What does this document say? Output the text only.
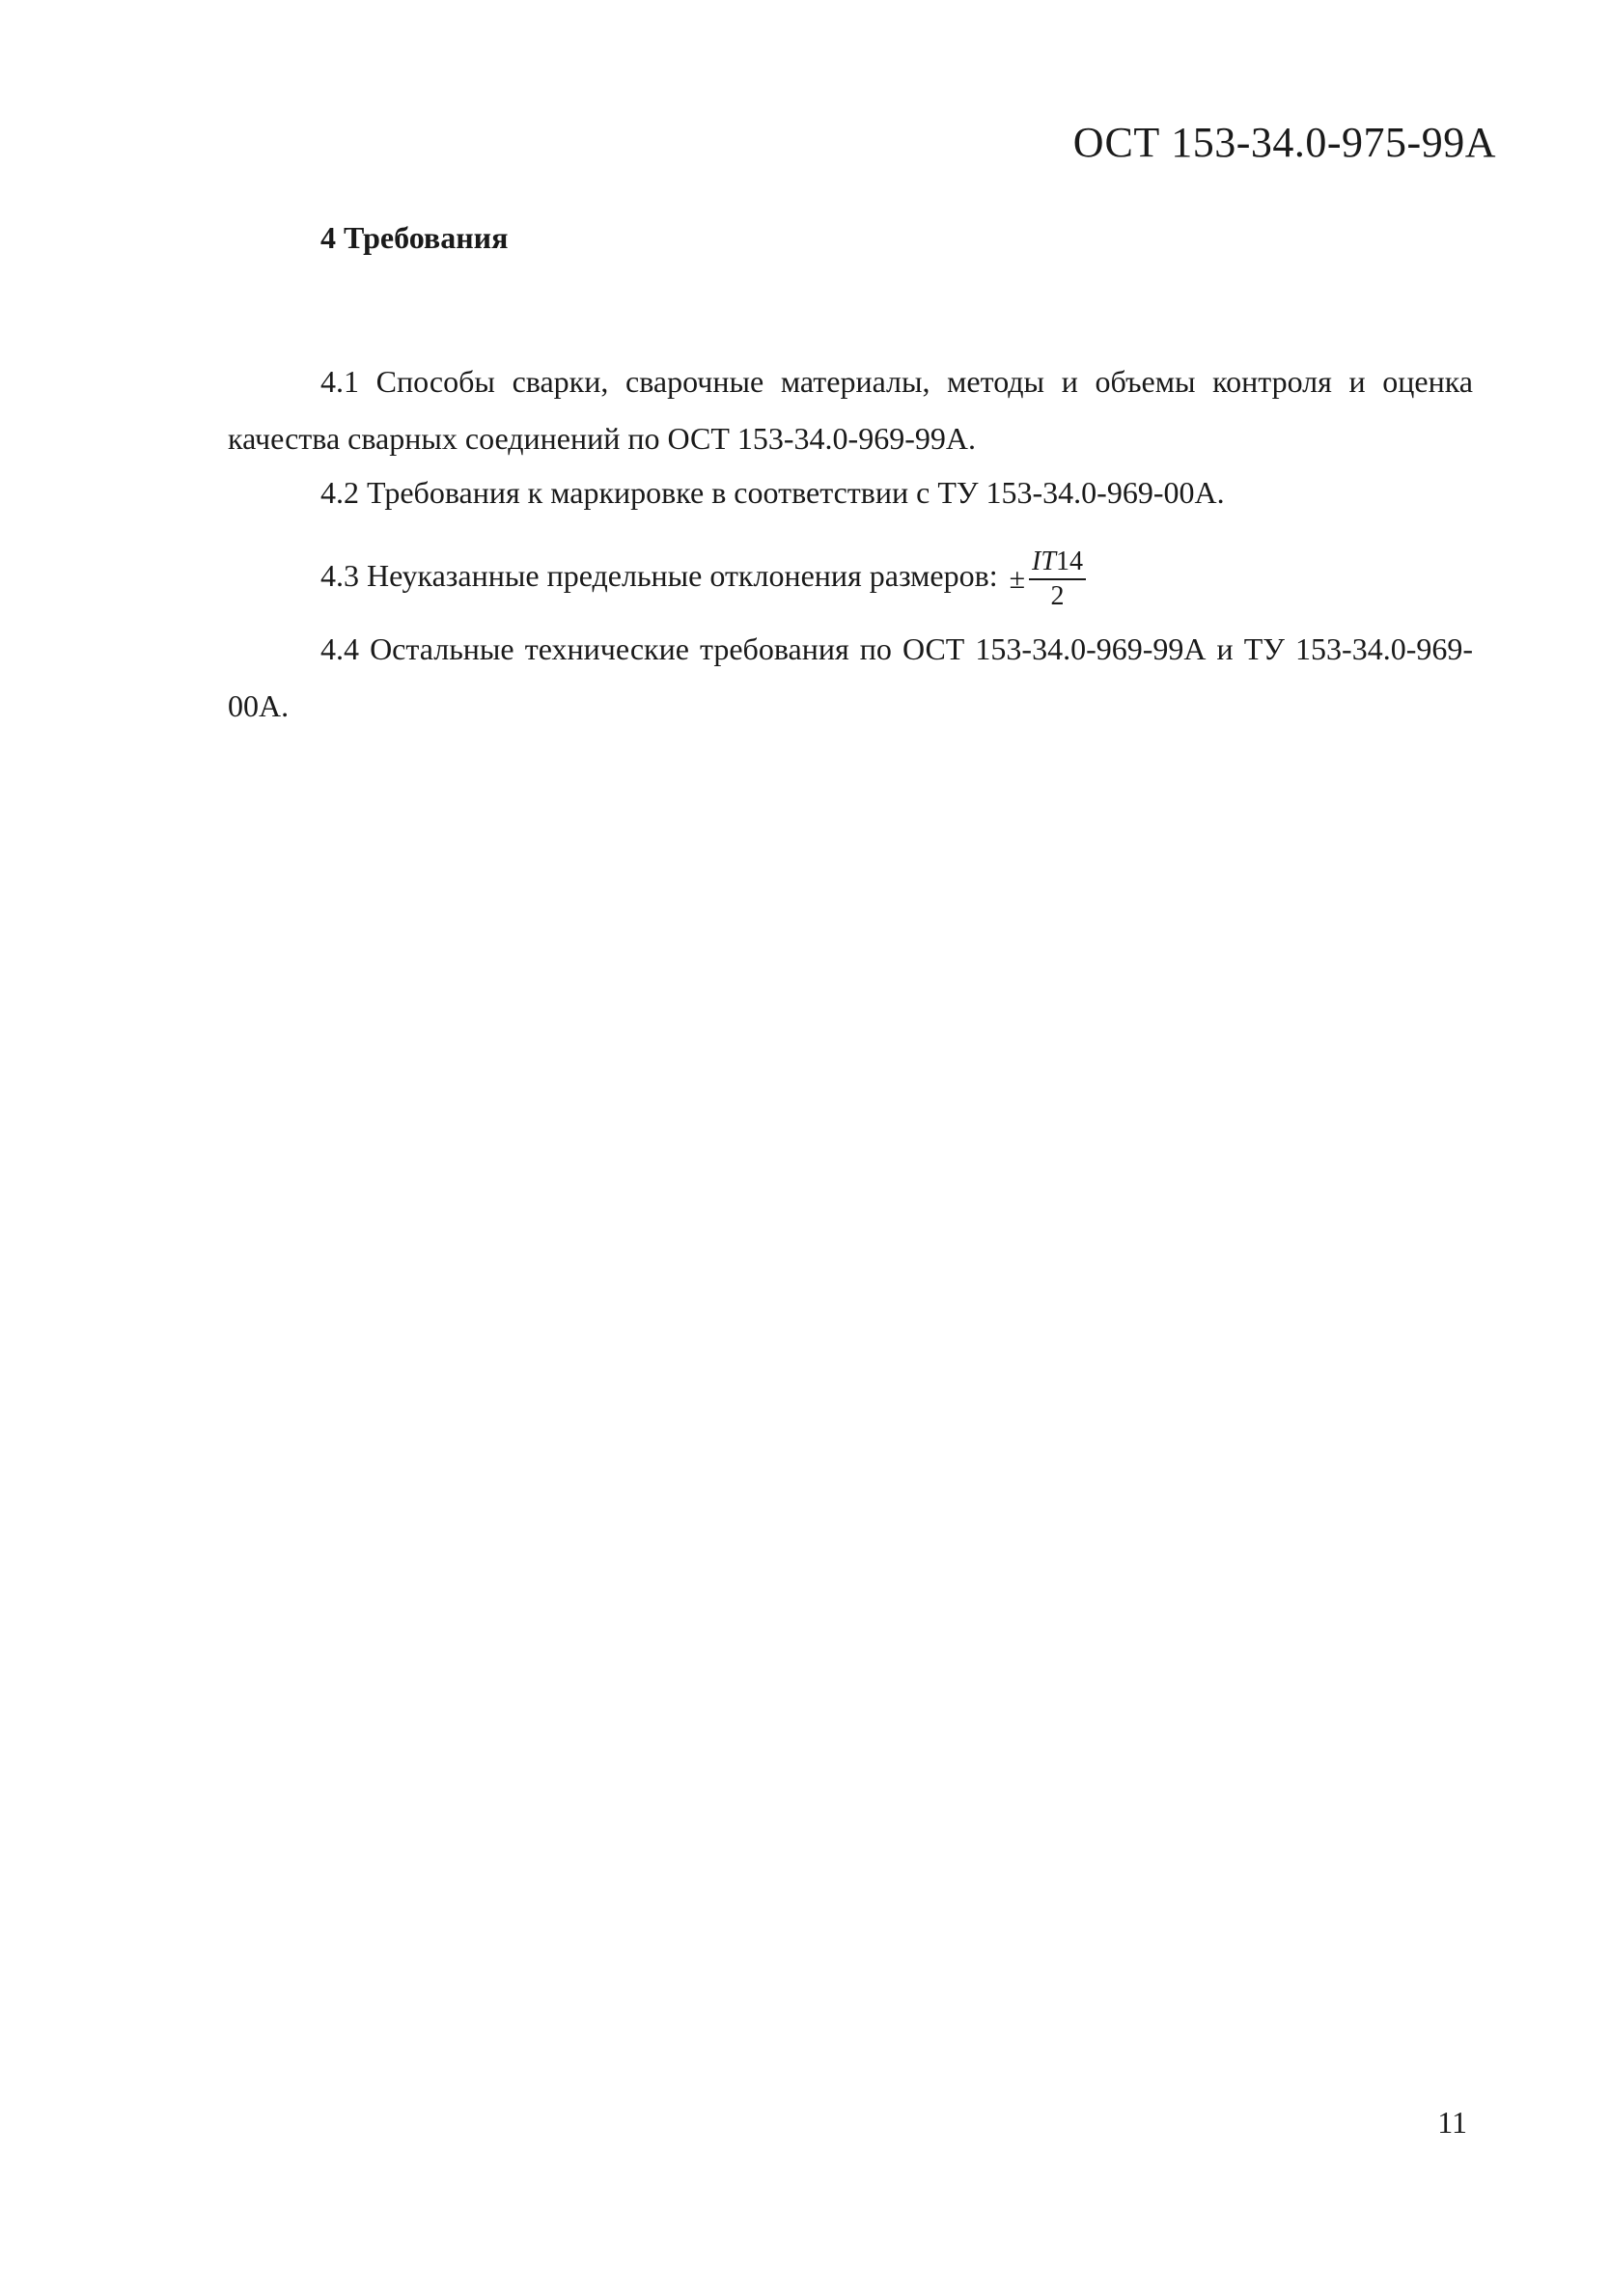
ОСТ 153-34.0-975-99А
4 Требования

4.1 Способы сварки, сварочные материалы, методы и объемы контроля и оценка качества сварных соединений по ОСТ 153-34.0-969-99А.

4.2 Требования к маркировке в соответствии с ТУ 153-34.0-969-00А.

4.3 Неуказанные предельные отклонения размеров: ± $\frac{IT14}{2}$

4.4 Остальные технические требования по ОСТ 153-34.0-969-99А и ТУ 153-34.0-969-00А.

11
